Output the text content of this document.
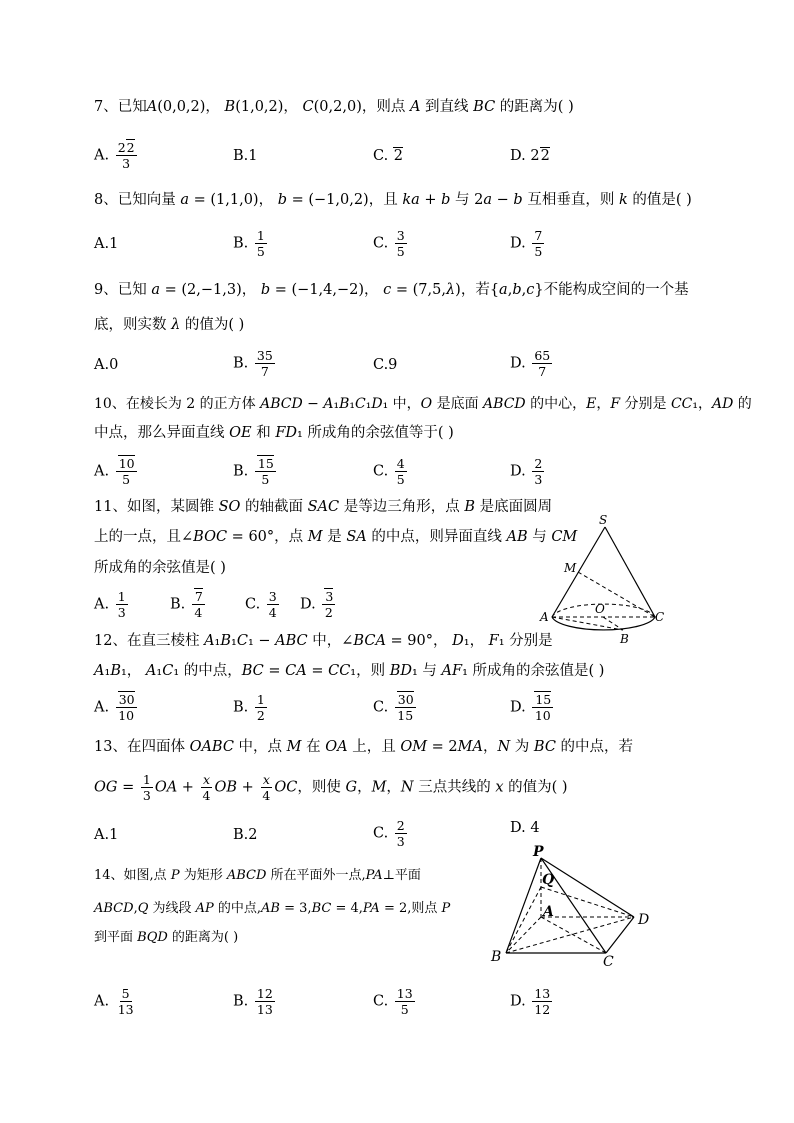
7、已知A(0,0,2)， B(1,0,2)， C(0,2,0)，则点 A 到直线 BC 的距离为( )
A. $\frac{22}{3}$	B.1	C. 2	D. 22
8、已知向量 a = (1,1,0)， b = (−1,0,2)，且 ka + b 与 2a − b 互相垂直，则 k 的值是( )
A.1	B. $\frac{1}{5}$	C. $\frac{3}{5}$	D. $\frac{7}{5}$
9、已知 a = (2,−1,3)， b = (−1,4,−2)， c = (7,5,λ)，若{a,b,c}不能构成空间的一个基
底，则实数 λ 的值为( )
A.0	B. $\frac{35}{7}$	C.9	D. $\frac{65}{7}$
10、在棱长为 2 的正方体 ABCD − A₁B₁C₁D₁ 中，O 是底面 ABCD 的中心，E，F 分别是 CC₁，AD 的
中点，那么异面直线 OE 和 FD₁ 所成角的余弦值等于( )
A. $\frac{10}{5}$	B. $\frac{15}{5}$	C. $\frac{4}{5}$	D. $\frac{2}{3}$
11、如图，某圆锥 SO 的轴截面 SAC 是等边三角形，点 B 是底面圆周
上的一点，且∠BOC = 60°，点 M 是 SA 的中点，则异面直线 AB 与 CM
所成角的余弦值是( )
A. $\frac{1}{3}$	B. $\frac{7}{4}$	C. $\frac{3}{4} D$. $\frac{3}{2}$
S
M
A
O
C
B
12、在直三棱柱 A₁B₁C₁ − ABC 中，∠BCA = 90°， D₁， F₁ 分别是
A₁B₁， A₁C₁ 的中点，BC = CA = CC₁，则 BD₁ 与 AF₁ 所成角的余弦值是( )
A. $\frac{30}{10}$	B. $\frac{1}{2}$	C. $\frac{30}{15}$	D. $\frac{15}{10}$
13、在四面体 OABC 中，点 M 在 OA 上，且 OM = 2MA，N 为 BC 的中点，若
OG = $\frac{1}{3}$ OA + $\frac{x}{4}$ OB + $\frac{x}{4}$ OC，则使 G，M，N 三点共线的 x 的值为( )
A.1	B.2	C. $\frac{2}{3}$	D. 4
14、如图,点 P 为矩形 ABCD 所在平面外一点,PA⊥平面
ABCD,Q 为线段 AP 的中点,AB = 3,BC = 4,PA = 2,则点 P
到平面 BQD 的距离为( )
A. $\frac{5}{13}$	B. $\frac{12}{13}$	C. $\frac{13}{5}$	D. $\frac{13}{12}$
P
Q
A	D
B	C
